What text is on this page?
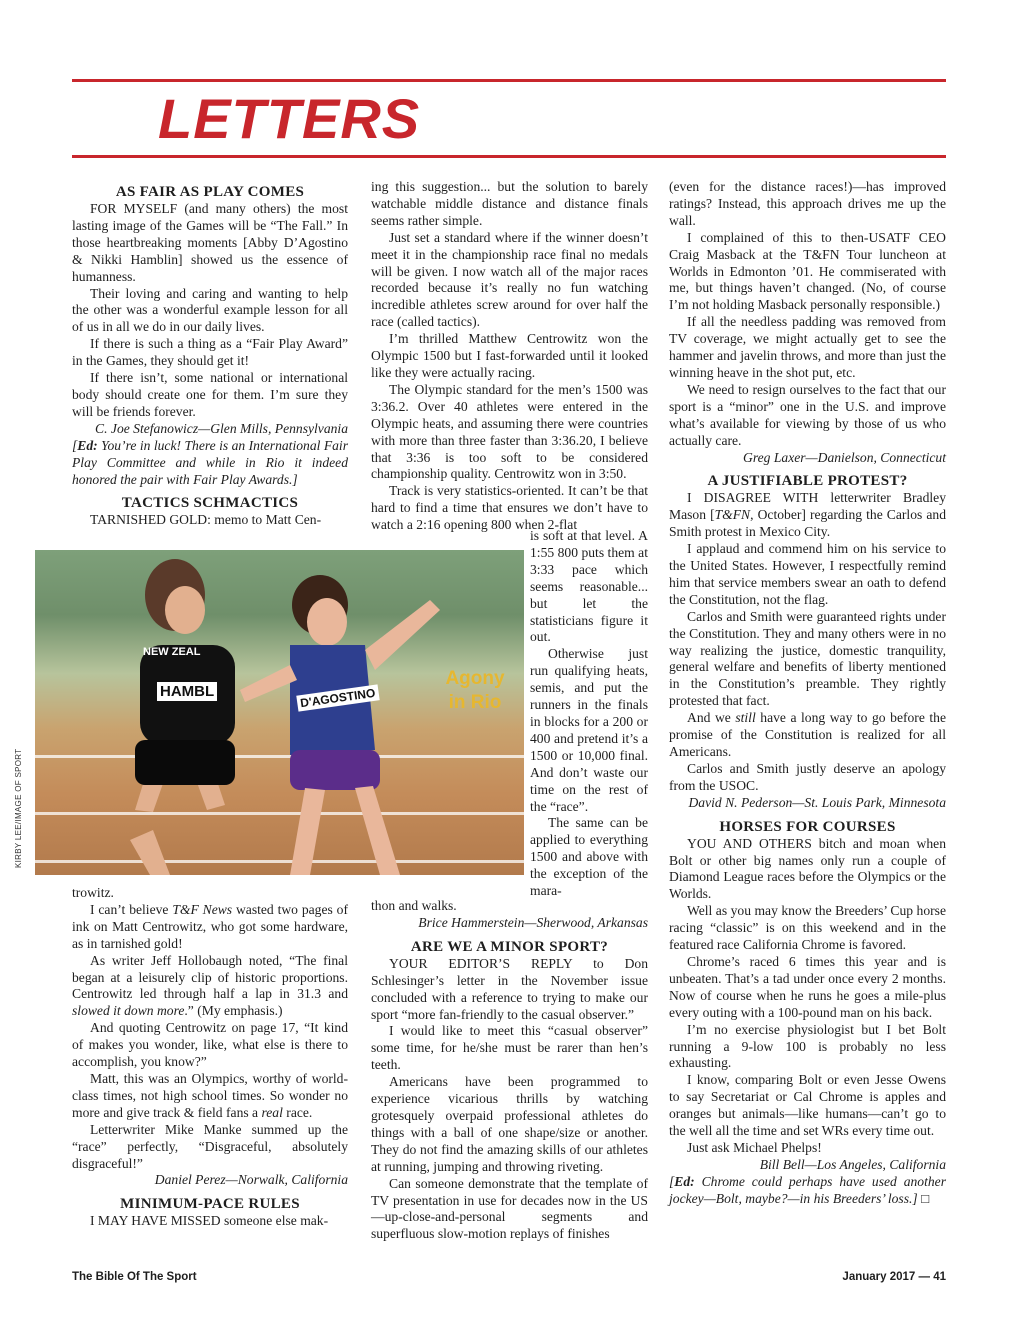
LETTERS
AS FAIR AS PLAY COMES

FOR MYSELF (and many others) the most lasting image of the Games will be “The Fall.” In those heartbreaking moments [Abby D’Agostino & Nikki Hamblin] showed us the essence of humanness.

Their loving and caring and wanting to help the other was a wonderful example lesson for all of us in all we do in our daily lives.

If there is such a thing as a “Fair Play Award” in the Games, they should get it!

If there isn’t, some national or international body should create one for them. I’m sure they will be friends forever.

C. Joe Stefanowicz—Glen Mills, Pennsylvania

[Ed: You’re in luck! There is an International Fair Play Committee and while in Rio it indeed honored the pair with Fair Play Awards.]

TACTICS SCHMACTICS

TARNISHED GOLD: memo to Matt Cen-

NEW ZEAL
HAMBL	D'AGOSTINO
Agony
in Rio
KIRBY LEE/IMAGE OF SPORT

trowitz.

I can’t believe T&F News wasted two pages of ink on Matt Centrowitz, who got some hardware, as in tarnished gold!

As writer Jeff Hollobaugh noted, “The final began at a leisurely clip of historic proportions. Centrowitz led through half a lap in 31.3 and slowed it down more.” (My emphasis.)

And quoting Centrowitz on page 17, “It kind of makes you wonder, like, what else is there to accomplish, you know?”

Matt, this was an Olympics, worthy of world-class times, not high school times. So wonder no more and give track & field fans a real race.

Letterwriter Mike Manke summed up the “race” perfectly, “Disgraceful, absolutely disgraceful!”

Daniel Perez—Norwalk, California

MINIMUM-PACE RULES

I MAY HAVE MISSED someone else mak-

ing this suggestion... but the solution to barely watchable middle distance and distance finals seems rather simple.

Just set a standard where if the winner doesn’t meet it in the championship race final no medals will be given. I now watch all of the major races recorded because it’s really no fun watching incredible athletes screw around for over half the race (called tactics).

I’m thrilled Matthew Centrowitz won the Olympic 1500 but I fast-forwarded until it looked like they were actually racing.

The Olympic standard for the men’s 1500 was 3:36.2. Over 40 athletes were entered in the Olympic heats, and assuming there were countries with more than three faster than 3:36.20, I believe that 3:36 is too soft to be considered championship quality. Centrowitz won in 3:50.

Track is very statistics-oriented. It can’t be that hard to find a time that ensures we don’t have to watch a 2:16 opening 800 when 2-flat

is soft at that level. A 1:55 800 puts them at 3:33 pace which seems reasonable... but let the statisticians figure it out.

Otherwise just run qualifying heats, semis, and put the runners in the finals in blocks for a 200 or 400 and pretend it’s a 1500 or 10,000 final. And don’t waste our time on the rest of the “race”.

The same can be applied to everything 1500 and above with the exception of the mara-

thon and walks.

Brice Hammerstein—Sherwood, Arkansas

ARE WE A MINOR SPORT?

YOUR EDITOR’S REPLY to Don Schlesinger’s letter in the November issue concluded with a reference to trying to make our sport “more fan-friendly to the casual observer.”

I would like to meet this “casual observer” some time, for he/she must be rarer than hen’s teeth.

Americans have been programmed to experience vicarious thrills by watching grotesquely overpaid professional athletes do things with a ball of one shape/size or another. They do not find the amazing skills of our athletes at running, jumping and throwing riveting.

Can someone demonstrate that the template of TV presentation in use for decades now in the US—up-close-and-personal segments and superfluous slow-motion replays of finishes

(even for the distance races!)—has improved ratings? Instead, this approach drives me up the wall.

I complained of this to then-USATF CEO Craig Masback at the T&FN Tour luncheon at Worlds in Edmonton ’01. He commiserated with me, but things haven’t changed. (No, of course I’m not holding Masback personally responsible.)

If all the needless padding was removed from TV coverage, we might actually get to see the hammer and javelin throws, and more than just the winning heave in the shot put, etc.

We need to resign ourselves to the fact that our sport is a “minor” one in the U.S. and improve what’s available for viewing by those of us who actually care.

Greg Laxer—Danielson, Connecticut

A JUSTIFIABLE PROTEST?

I DISAGREE WITH letterwriter Bradley Mason [T&FN, October] regarding the Carlos and Smith protest in Mexico City.

I applaud and commend him on his service to the United States. However, I respectfully remind him that service members swear an oath to defend the Constitution, not the flag.

Carlos and Smith were guaranteed rights under the Constitution. They and many others were in no way realizing the justice, domestic tranquility, general welfare and benefits of liberty mentioned in the Constitution’s preamble. They rightly protested that fact.

And we still have a long way to go before the promise of the Constitution is realized for all Americans.

Carlos and Smith justly deserve an apology from the USOC.

David N. Pederson—St. Louis Park, Minnesota

HORSES FOR COURSES

YOU AND OTHERS bitch and moan when Bolt or other big names only run a couple of Diamond League races before the Olympics or the Worlds.

Well as you may know the Breeders’ Cup horse racing “classic” is on this weekend and in the featured race California Chrome is favored.

Chrome’s raced 6 times this year and is unbeaten. That’s a tad under once every 2 months. Now of course when he runs he goes a mile-plus every outing with a 100-pound man on his back.

I’m no exercise physiologist but I bet Bolt running a 9-low 100 is probably no less exhausting.

I know, comparing Bolt or even Jesse Owens to say Secretariat or Cal Chrome is apples and oranges but animals—like humans—can’t go to the well all the time and set WRs every time out.

Just ask Michael Phelps!

Bill Bell—Los Angeles, California

[Ed: Chrome could perhaps have used another jockey—Bolt, maybe?—in his Breeders’ loss.] □

The Bible Of The Sport	January 2017 — 41
